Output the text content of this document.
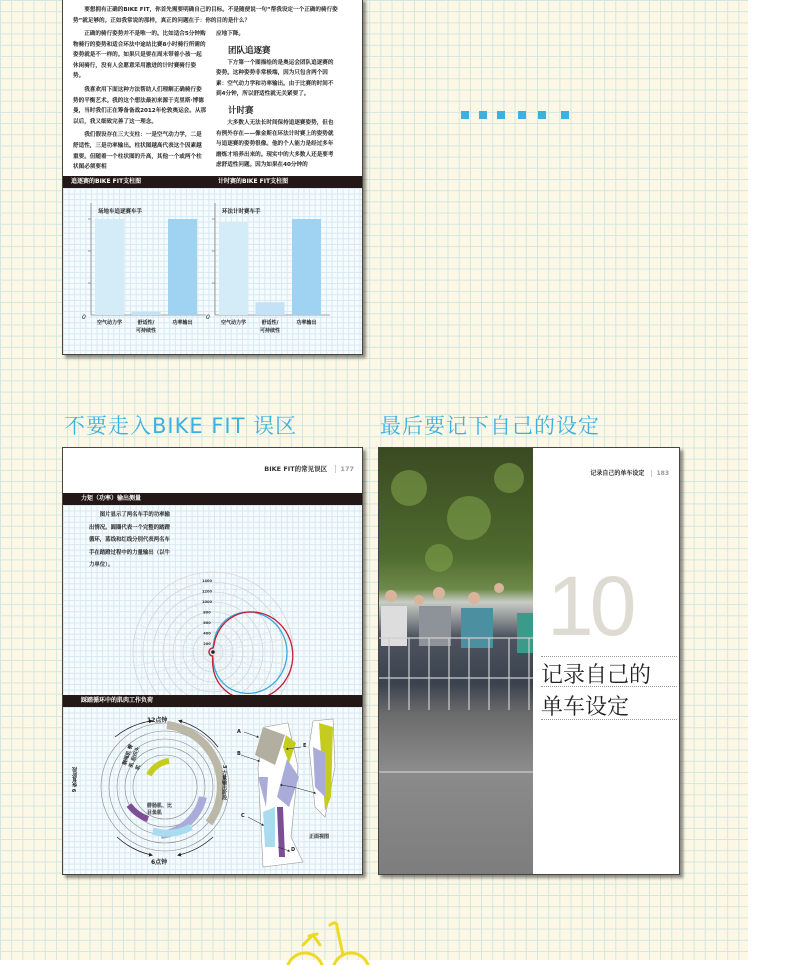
要想拥有正确的BIKE FIT，你首先需要明确自己的目标。不是随便说一句“帮我设定一个正确的骑行姿势”就足够的。正如我常说的那样，真正的问题在于：你的目的是什么？
正确的骑行姿势并不是唯一的。比如适合5分钟购物骑行的姿势和适合环法中途站比赛8小时骑行所需的姿势就是不一样的。如果只是要在周末带着小孩一起休闲骑行，没有人会愿意采用激进的计时赛骑行姿势。
我喜欢用下面这种方法帮助人们理解正确骑行姿势的平衡艺术。我的这个想法最初来源于克里斯·博德曼，当时我们正在筹备备战2012年伦敦奥运会。从那以后，我又细致完善了这一理念。
我们假设存在三大支柱：一是空气动力学，二是舒适性，三是功率输出。柱状图越高代表这个因素越重要。但随着一个柱状图的升高，其他一个或两个柱状图必须要相
应地下降。
团队追逐赛
下方第一个图描绘的是奥运会团队追逐赛的姿势。这种姿势非常极端，因为只包含两个因素：空气动力学和功率输出。由于比赛的时间不到4分钟，所以舒适性就无关紧要了。
计时赛
大多数人无法长时间保持追逐赛姿势，但也有例外存在——像金斯在环法计时赛上的姿势就与追逐赛的姿势很像。他的个人能力是经过多年磨炼才培养出来的。现实中的大多数人还是要考虑舒适性问题。因为如果在40分钟的
追逐赛的BIKE FIT支柱图	计时赛的BIKE FIT支柱图
0
场地车追逐赛车手
空气动力学	舒适性/
可持续性
功率输出
0
环法计时赛车手
空气动力学	舒适性/
可持续性
功率输出
不要走入BIKE FIT 误区	最后要记下自己的设定
BIKE FIT的常见误区 177
力矩（功率）输出测量
图片显示了两名车手的功率输出情况。圆圈代表一个完整的踏蹬循环，蓝线和红线分别代表两名车手在踏蹬过程中的力量输出（以牛力单位）。
1400
1200
1000
800
600
400
200
踩踏循环中的肌肉工作负荷
12点钟
6点钟
9 恢复阶段	3 力量输出阶段
腓肠肌、比目鱼肌
腘绳肌 臀肌 股四头肌
A
B
C
D
E
正面视图
记录自己的单车设定 183
10
记录自己的
单车设定
